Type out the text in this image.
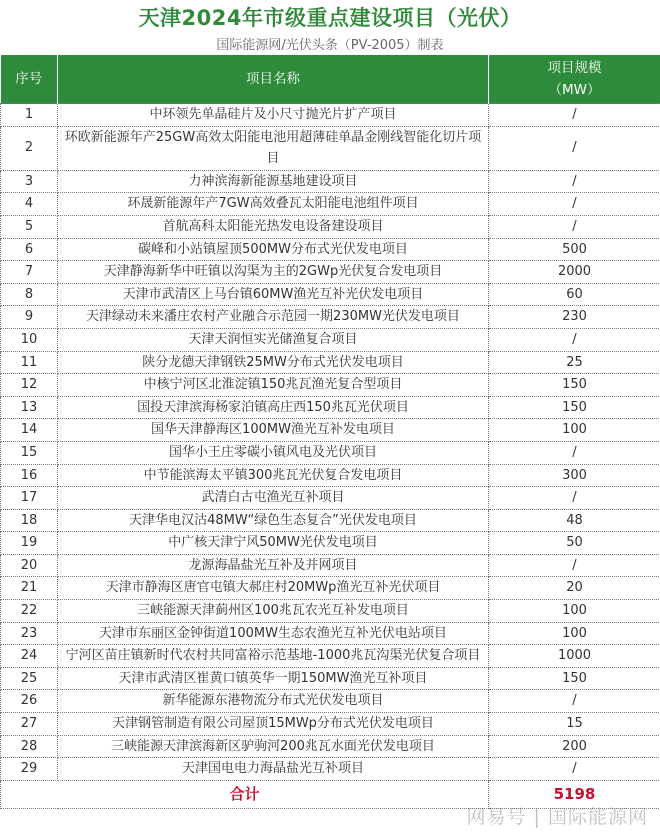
天津2024年市级重点建设项目（光伏）
国际能源网/光伏头条（PV-2005）制表
序号	项目名称	项目规模
（MW）
1	中环领先单晶硅片及小尺寸抛光片扩产项目	/
2	环欧新能源年产25GW高效太阳能电池用超薄硅单晶金刚线智能化切片项目	/
3	力神滨海新能源基地建设项目	/
4	环晟新能源年产7GW高效叠瓦太阳能电池组件项目	/
5	首航高科太阳能光热发电设备建设项目	/
6	碳峰和小站镇屋顶500MW分布式光伏发电项目	500
7	天津静海新华中旺镇以沟渠为主的2GWp光伏复合发电项目	2000
8	天津市武清区上马台镇60MW渔光互补光伏发电项目	60
9	天津绿动未来潘庄农村产业融合示范园一期230MW光伏发电项目	230
10	天津天润恒实光储渔复合项目	/
11	陕分龙德天津钢铁25MW分布式光伏发电项目	25
12	中核宁河区北淮淀镇150兆瓦渔光复合型项目	150
13	国投天津滨海杨家泊镇高庄西150兆瓦光伏项目	150
14	国华天津静海区100MW渔光互补发电项目	100
15	国华小王庄零碳小镇风电及光伏项目	/
16	中节能滨海太平镇300兆瓦光伏复合发电项目	300
17	武清白古屯渔光互补项目	/
18	天津华电汉沽48MW“绿色生态复合”光伏发电项目	48
19	中广核天津宁风50MW光伏发电项目	50
20	龙源海晶盐光互补及并网项目	/
21	天津市静海区唐官屯镇大郝庄村20MWp渔光互补光伏项目	20
22	三峡能源天津蓟州区100兆瓦农光互补发电项目	100
23	天津市东丽区金钟街道100MW生态农渔光互补光伏电站项目	100
24	宁河区苗庄镇新时代农村共同富裕示范基地-1000兆瓦沟渠光伏复合项目	1000
25	天津市武清区崔黄口镇英华一期150MW渔光互补项目	150
26	新华能源东港物流分布式光伏发电项目	/
27	天津钢管制造有限公司屋顶15MWp分布式光伏发电项目	15
28	三峡能源天津滨海新区驴驹河200兆瓦水面光伏发电项目	200
29	天津国电电力海晶盐光互补项目	/
合计		5198
网易号 | 国际能源网
